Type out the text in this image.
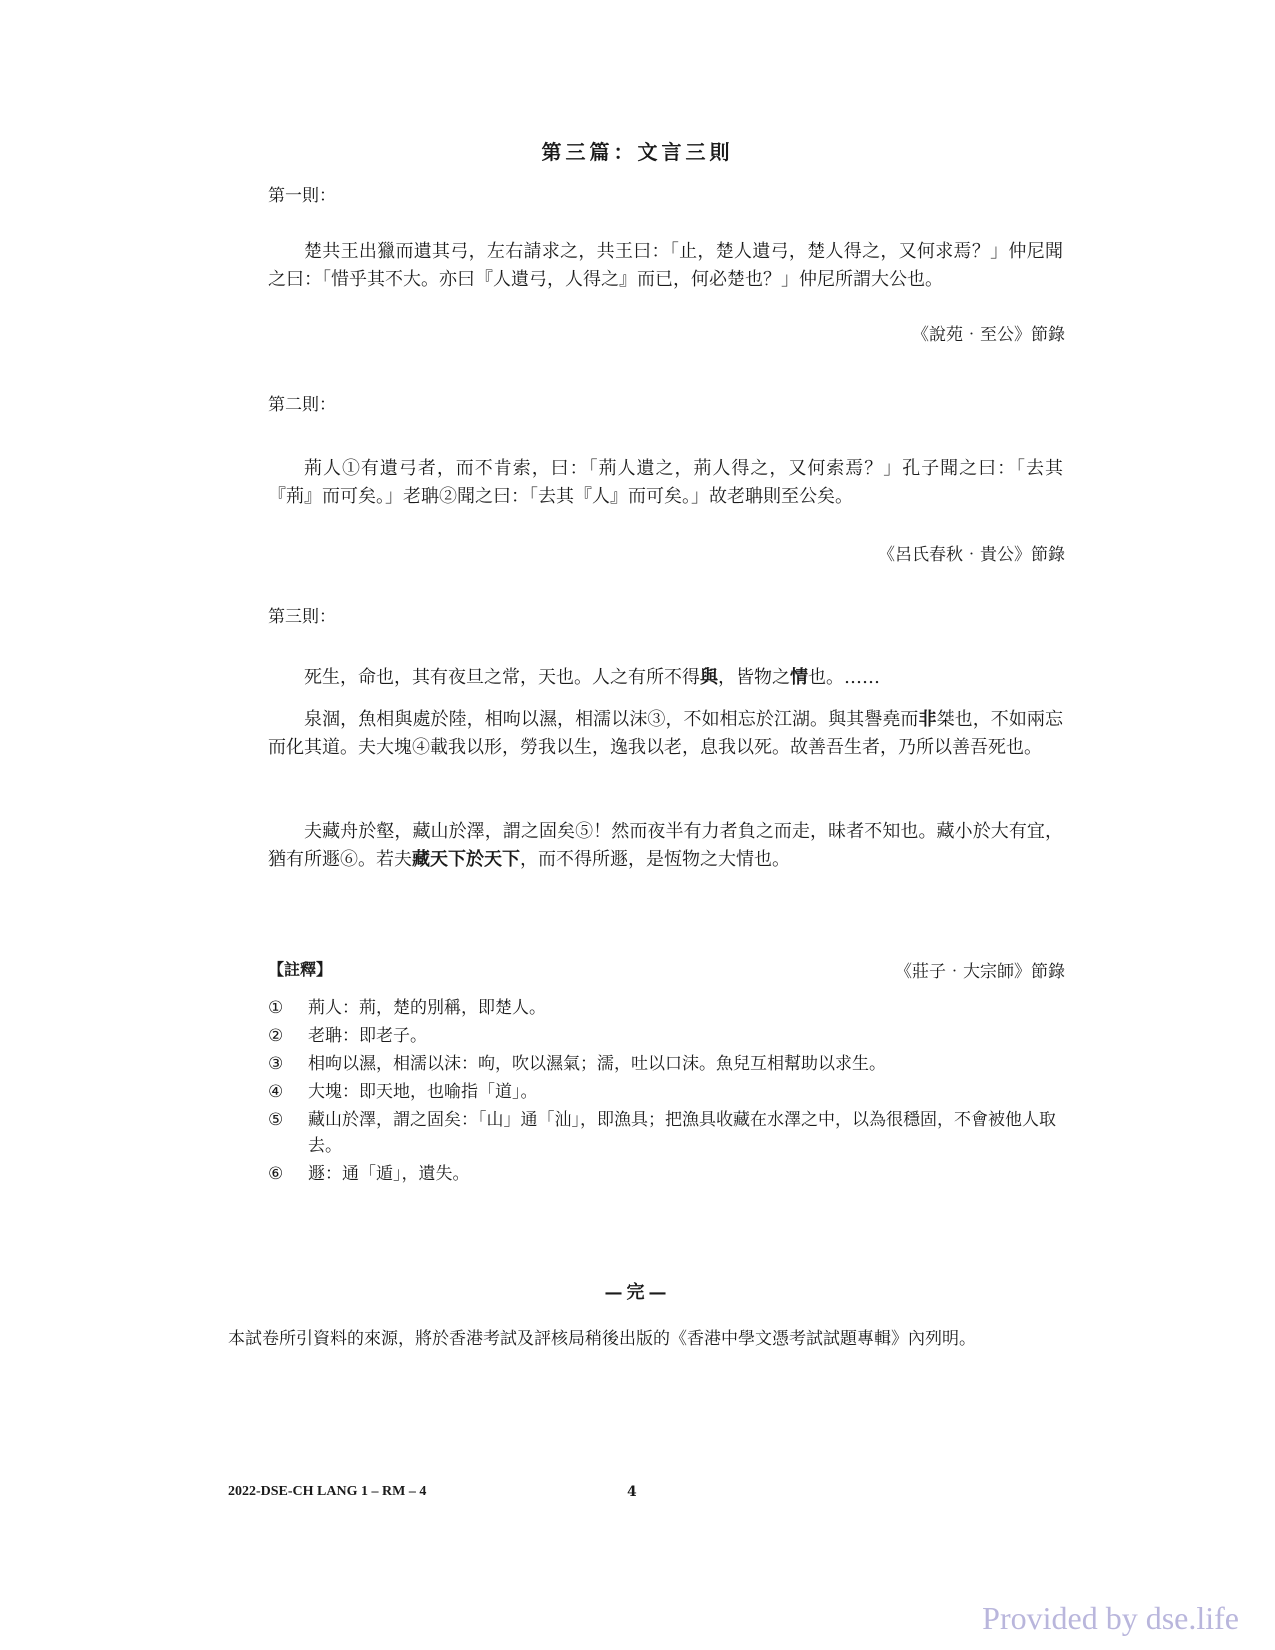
第三篇：文言三則
第一則：
楚共王出獵而遺其弓，左右請求之，共王曰：「止，楚人遺弓，楚人得之，又何求焉？」仲尼聞之曰：「惜乎其不大。亦曰『人遺弓，人得之』而已，何必楚也？」仲尼所謂大公也。
《說苑‧至公》節錄
第二則：
荊人①有遺弓者，而不肯索，曰：「荊人遺之，荊人得之，又何索焉？」孔子聞之曰：「去其『荊』而可矣。」老聃②聞之曰：「去其『人』而可矣。」故老聃則至公矣。
《呂氏春秋‧貴公》節錄
第三則：
死生，命也，其有夜旦之常，天也。人之有所不得與，皆物之情也。……
泉涸，魚相與處於陸，相呴以濕，相濡以沫③，不如相忘於江湖。與其譽堯而非桀也，不如兩忘而化其道。夫大塊④載我以形，勞我以生，逸我以老，息我以死。故善吾生者，乃所以善吾死也。
夫藏舟於壑，藏山於澤，謂之固矣⑤！然而夜半有力者負之而走，昧者不知也。藏小於大有宜，猶有所遯⑥。若夫藏天下於天下，而不得所遯，是恆物之大情也。
【註釋】	《莊子‧大宗師》節錄
①	荊人：荊，楚的別稱，即楚人。
②	老聃：即老子。
③	相呴以濕，相濡以沫：呴，吹以濕氣；濡，吐以口沫。魚兒互相幫助以求生。
④	大塊：即天地，也喻指「道」。
⑤	藏山於澤，謂之固矣：「山」通「汕」，即漁具；把漁具收藏在水澤之中，以為很穩固，不會被他人取去。
⑥	遯：通「遁」，遺失。
—完—
本試卷所引資料的來源，將於香港考試及評核局稍後出版的《香港中學文憑考試試題專輯》內列明。
2022-DSE-CH LANG 1 – RM – 4	4
Provided by dse.life
